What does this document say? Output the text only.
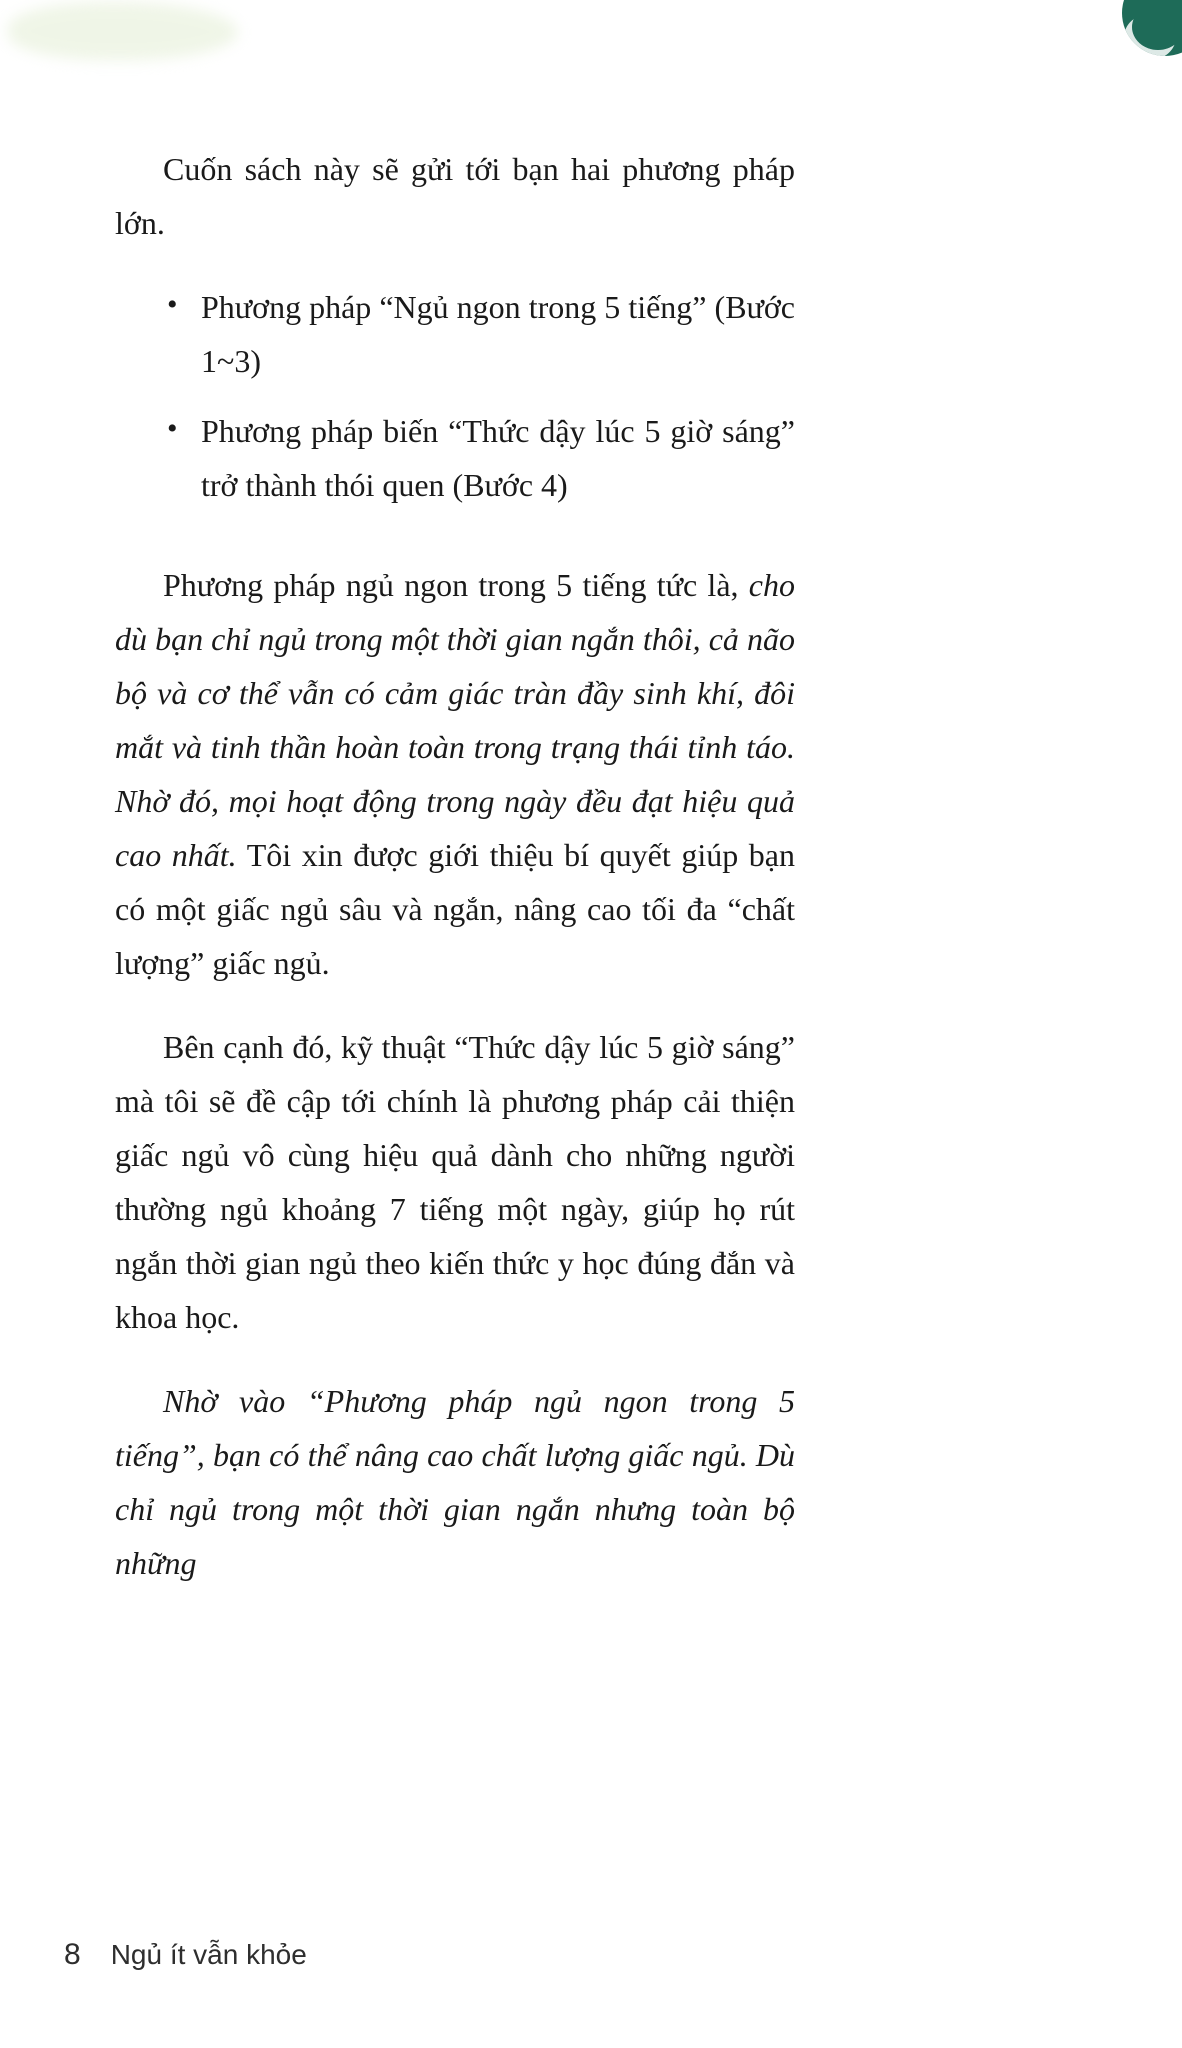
Cuốn sách này sẽ gửi tới bạn hai phương pháp lớn.

• Phương pháp “Ngủ ngon trong 5 tiếng” (Bước 1~3)
• Phương pháp biến “Thức dậy lúc 5 giờ sáng” trở thành thói quen (Bước 4)

Phương pháp ngủ ngon trong 5 tiếng tức là, cho dù bạn chỉ ngủ trong một thời gian ngắn thôi, cả não bộ và cơ thể vẫn có cảm giác tràn đầy sinh khí, đôi mắt và tinh thần hoàn toàn trong trạng thái tỉnh táo. Nhờ đó, mọi hoạt động trong ngày đều đạt hiệu quả cao nhất. Tôi xin được giới thiệu bí quyết giúp bạn có một giấc ngủ sâu và ngắn, nâng cao tối đa “chất lượng” giấc ngủ.

Bên cạnh đó, kỹ thuật “Thức dậy lúc 5 giờ sáng” mà tôi sẽ đề cập tới chính là phương pháp cải thiện giấc ngủ vô cùng hiệu quả dành cho những người thường ngủ khoảng 7 tiếng một ngày, giúp họ rút ngắn thời gian ngủ theo kiến thức y học đúng đắn và khoa học.

Nhờ vào “Phương pháp ngủ ngon trong 5 tiếng”, bạn có thể nâng cao chất lượng giấc ngủ. Dù chỉ ngủ trong một thời gian ngắn nhưng toàn bộ những

8 Ngủ ít vẫn khỏe
